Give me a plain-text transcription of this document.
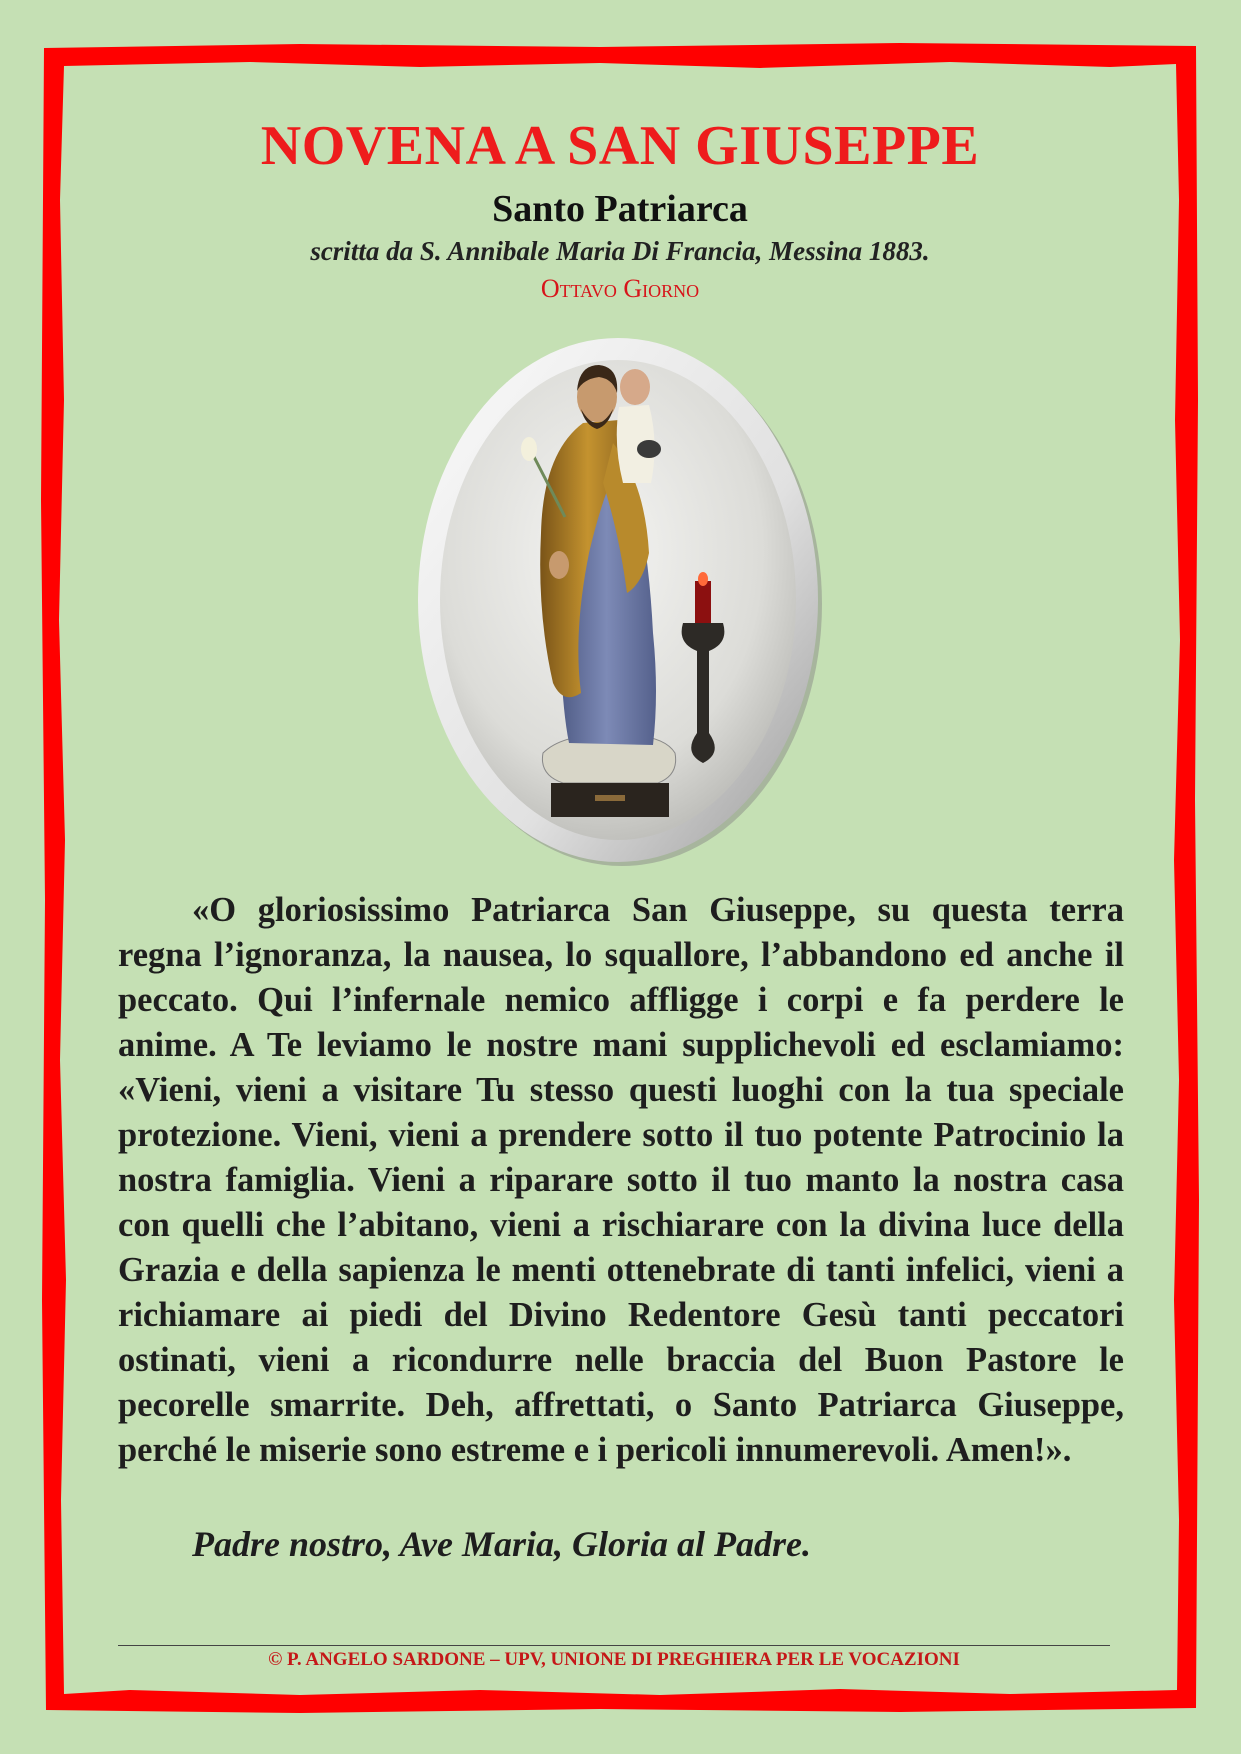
NOVENA A SAN GIUSEPPE
Santo Patriarca
scritta da S. Annibale Maria Di Francia, Messina 1883.
Ottavo Giorno

«O gloriosissimo Patriarca San Giuseppe, su questa terra regna l’ignoranza, la nausea, lo squallore, l’abbandono ed anche il peccato. Qui l’infernale nemico affligge i corpi e fa perdere le anime. A Te leviamo le nostre mani supplichevoli ed esclamiamo: «Vieni, vieni a visitare Tu stesso questi luoghi con la tua speciale protezione. Vieni, vieni a prendere sotto il tuo potente Patrocinio la nostra famiglia. Vieni a riparare sotto il tuo manto la nostra casa con quelli che l’abitano, vieni a rischiarare con la divina luce della Grazia e della sapienza le menti ottenebrate di tanti infelici, vieni a richiamare ai piedi del Divino Redentore Gesù tanti peccatori ostinati, vieni a ricondurre nelle braccia del Buon Pastore le pecorelle smarrite. Deh, affrettati, o Santo Patriarca Giuseppe, perché le miserie sono estreme e i pericoli innumerevoli. Amen!».

Padre nostro, Ave Maria, Gloria al Padre.

© P. ANGELO SARDONE – UPV, UNIONE DI PREGHIERA PER LE VOCAZIONI
